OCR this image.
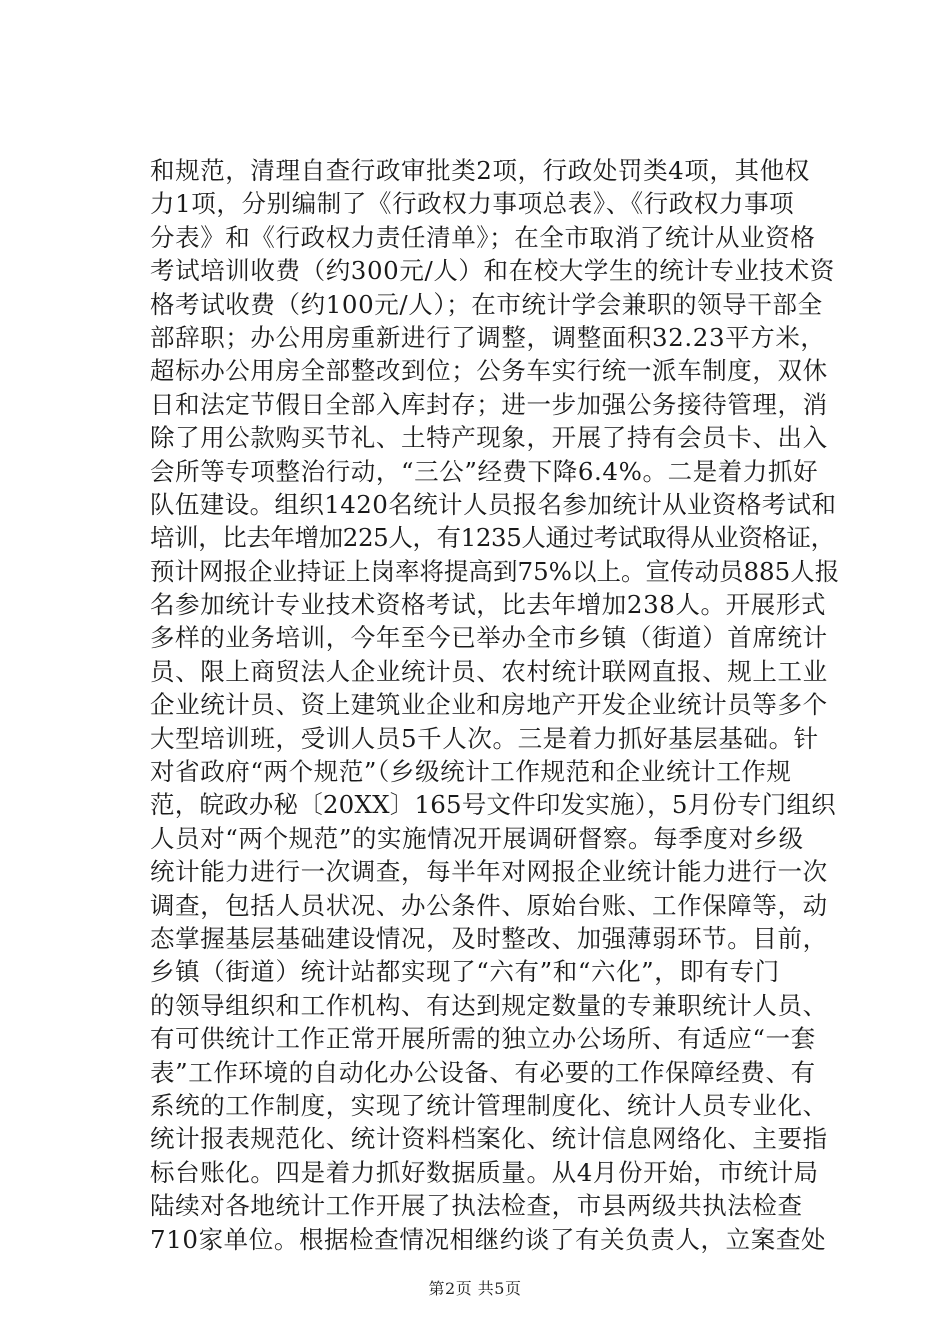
和规范，清理自查行政审批类2项，行政处罚类4项，其他权
力1项，分别编制了《行政权力事项总表》、《行政权力事项
分表》和《行政权力责任清单》；在全市取消了统计从业资格
考试培训收费（约300元/人）和在校大学生的统计专业技术资
格考试收费（约100元/人）；在市统计学会兼职的领导干部全
部辞职；办公用房重新进行了调整，调整面积32.23平方米，
超标办公用房全部整改到位；公务车实行统一派车制度，双休
日和法定节假日全部入库封存；进一步加强公务接待管理，消
除了用公款购买节礼、土特产现象，开展了持有会员卡、出入
会所等专项整治行动，“三公”经费下降6.4%。二是着力抓好
队伍建设。组织1420名统计人员报名参加统计从业资格考试和
培训，比去年增加225人，有1235人通过考试取得从业资格证，
预计网报企业持证上岗率将提高到75%以上。宣传动员885人报
名参加统计专业技术资格考试，比去年增加238人。开展形式
多样的业务培训，今年至今已举办全市乡镇（街道）首席统计
员、限上商贸法人企业统计员、农村统计联网直报、规上工业
企业统计员、资上建筑业企业和房地产开发企业统计员等多个
大型培训班，受训人员5千人次。三是着力抓好基层基础。针
对省政府“两个规范”（乡级统计工作规范和企业统计工作规
范，皖政办秘〔20XX〕165号文件印发实施），5月份专门组织
人员对“两个规范”的实施情况开展调研督察。每季度对乡级
统计能力进行一次调查，每半年对网报企业统计能力进行一次
调查，包括人员状况、办公条件、原始台账、工作保障等，动
态掌握基层基础建设情况，及时整改、加强薄弱环节。目前，
乡镇（街道）统计站都实现了“六有”和“六化”，即有专门
的领导组织和工作机构、有达到规定数量的专兼职统计人员、
有可供统计工作正常开展所需的独立办公场所、有适应“一套
表”工作环境的自动化办公设备、有必要的工作保障经费、有
系统的工作制度，实现了统计管理制度化、统计人员专业化、
统计报表规范化、统计资料档案化、统计信息网络化、主要指
标台账化。四是着力抓好数据质量。从4月份开始，市统计局
陆续对各地统计工作开展了执法检查，市县两级共执法检查
710家单位。根据检查情况相继约谈了有关负责人，立案查处
第2页 共5页
